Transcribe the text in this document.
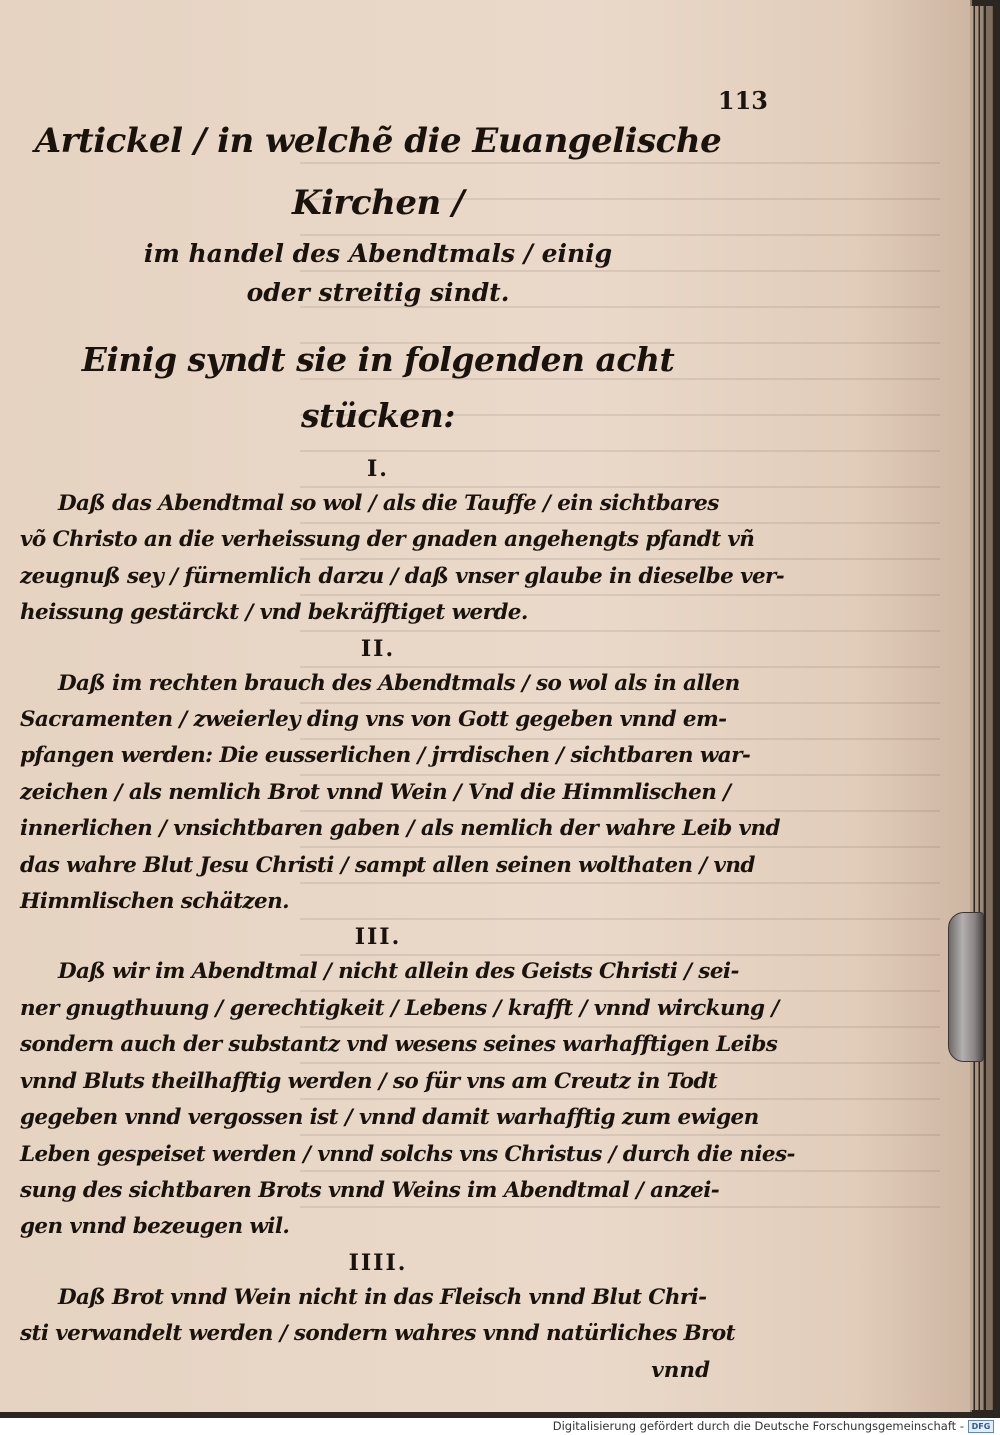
113

Artickel / in welchẽ die Euangelische Kirchen /

im handel des Abendtmals / einig

oder streitig sindt.

Einig syndt sie in folgenden acht stücken:

I.

Daß das Abendtmal so wol / als die Tauffe / ein sichtbares

võ Christo an die verheissung der gnaden angehengts pfandt vñ

zeugnuß sey / fürnemlich darzu / daß vnser glaube in dieselbe ver-

heissung gestärckt / vnd bekräfftiget werde.

II.

Daß im rechten brauch des Abendtmals / so wol als in allen

Sacramenten / zweierley ding vns von Gott gegeben vnnd em-

pfangen werden: Die eusserlichen / jrrdischen / sichtbaren war-

zeichen / als nemlich Brot vnnd Wein / Vnd die Himmlischen /

innerlichen / vnsichtbaren gaben / als nemlich der wahre Leib vnd

das wahre Blut Jesu Christi / sampt allen seinen wolthaten / vnd

Himmlischen schätzen.

III.

Daß wir im Abendtmal / nicht allein des Geists Christi / sei-

ner gnugthuung / gerechtigkeit / Lebens / krafft / vnnd wirckung /

sondern auch der substantz vnd wesens seines warhafftigen Leibs

vnnd Bluts theilhafftig werden / so für vns am Creutz in Todt

gegeben vnnd vergossen ist / vnnd damit warhafftig zum ewigen

Leben gespeiset werden / vnnd solchs vns Christus / durch die nies-

sung des sichtbaren Brots vnnd Weins im Abendtmal / anzei-

gen vnnd bezeugen wil.

IIII.

Daß Brot vnnd Wein nicht in das Fleisch vnnd Blut Chri-

sti verwandelt werden / sondern wahres vnnd natürliches Brot

vnnd

Digitalisierung gefördert durch die Deutsche Forschungsgemeinschaft - DFG
